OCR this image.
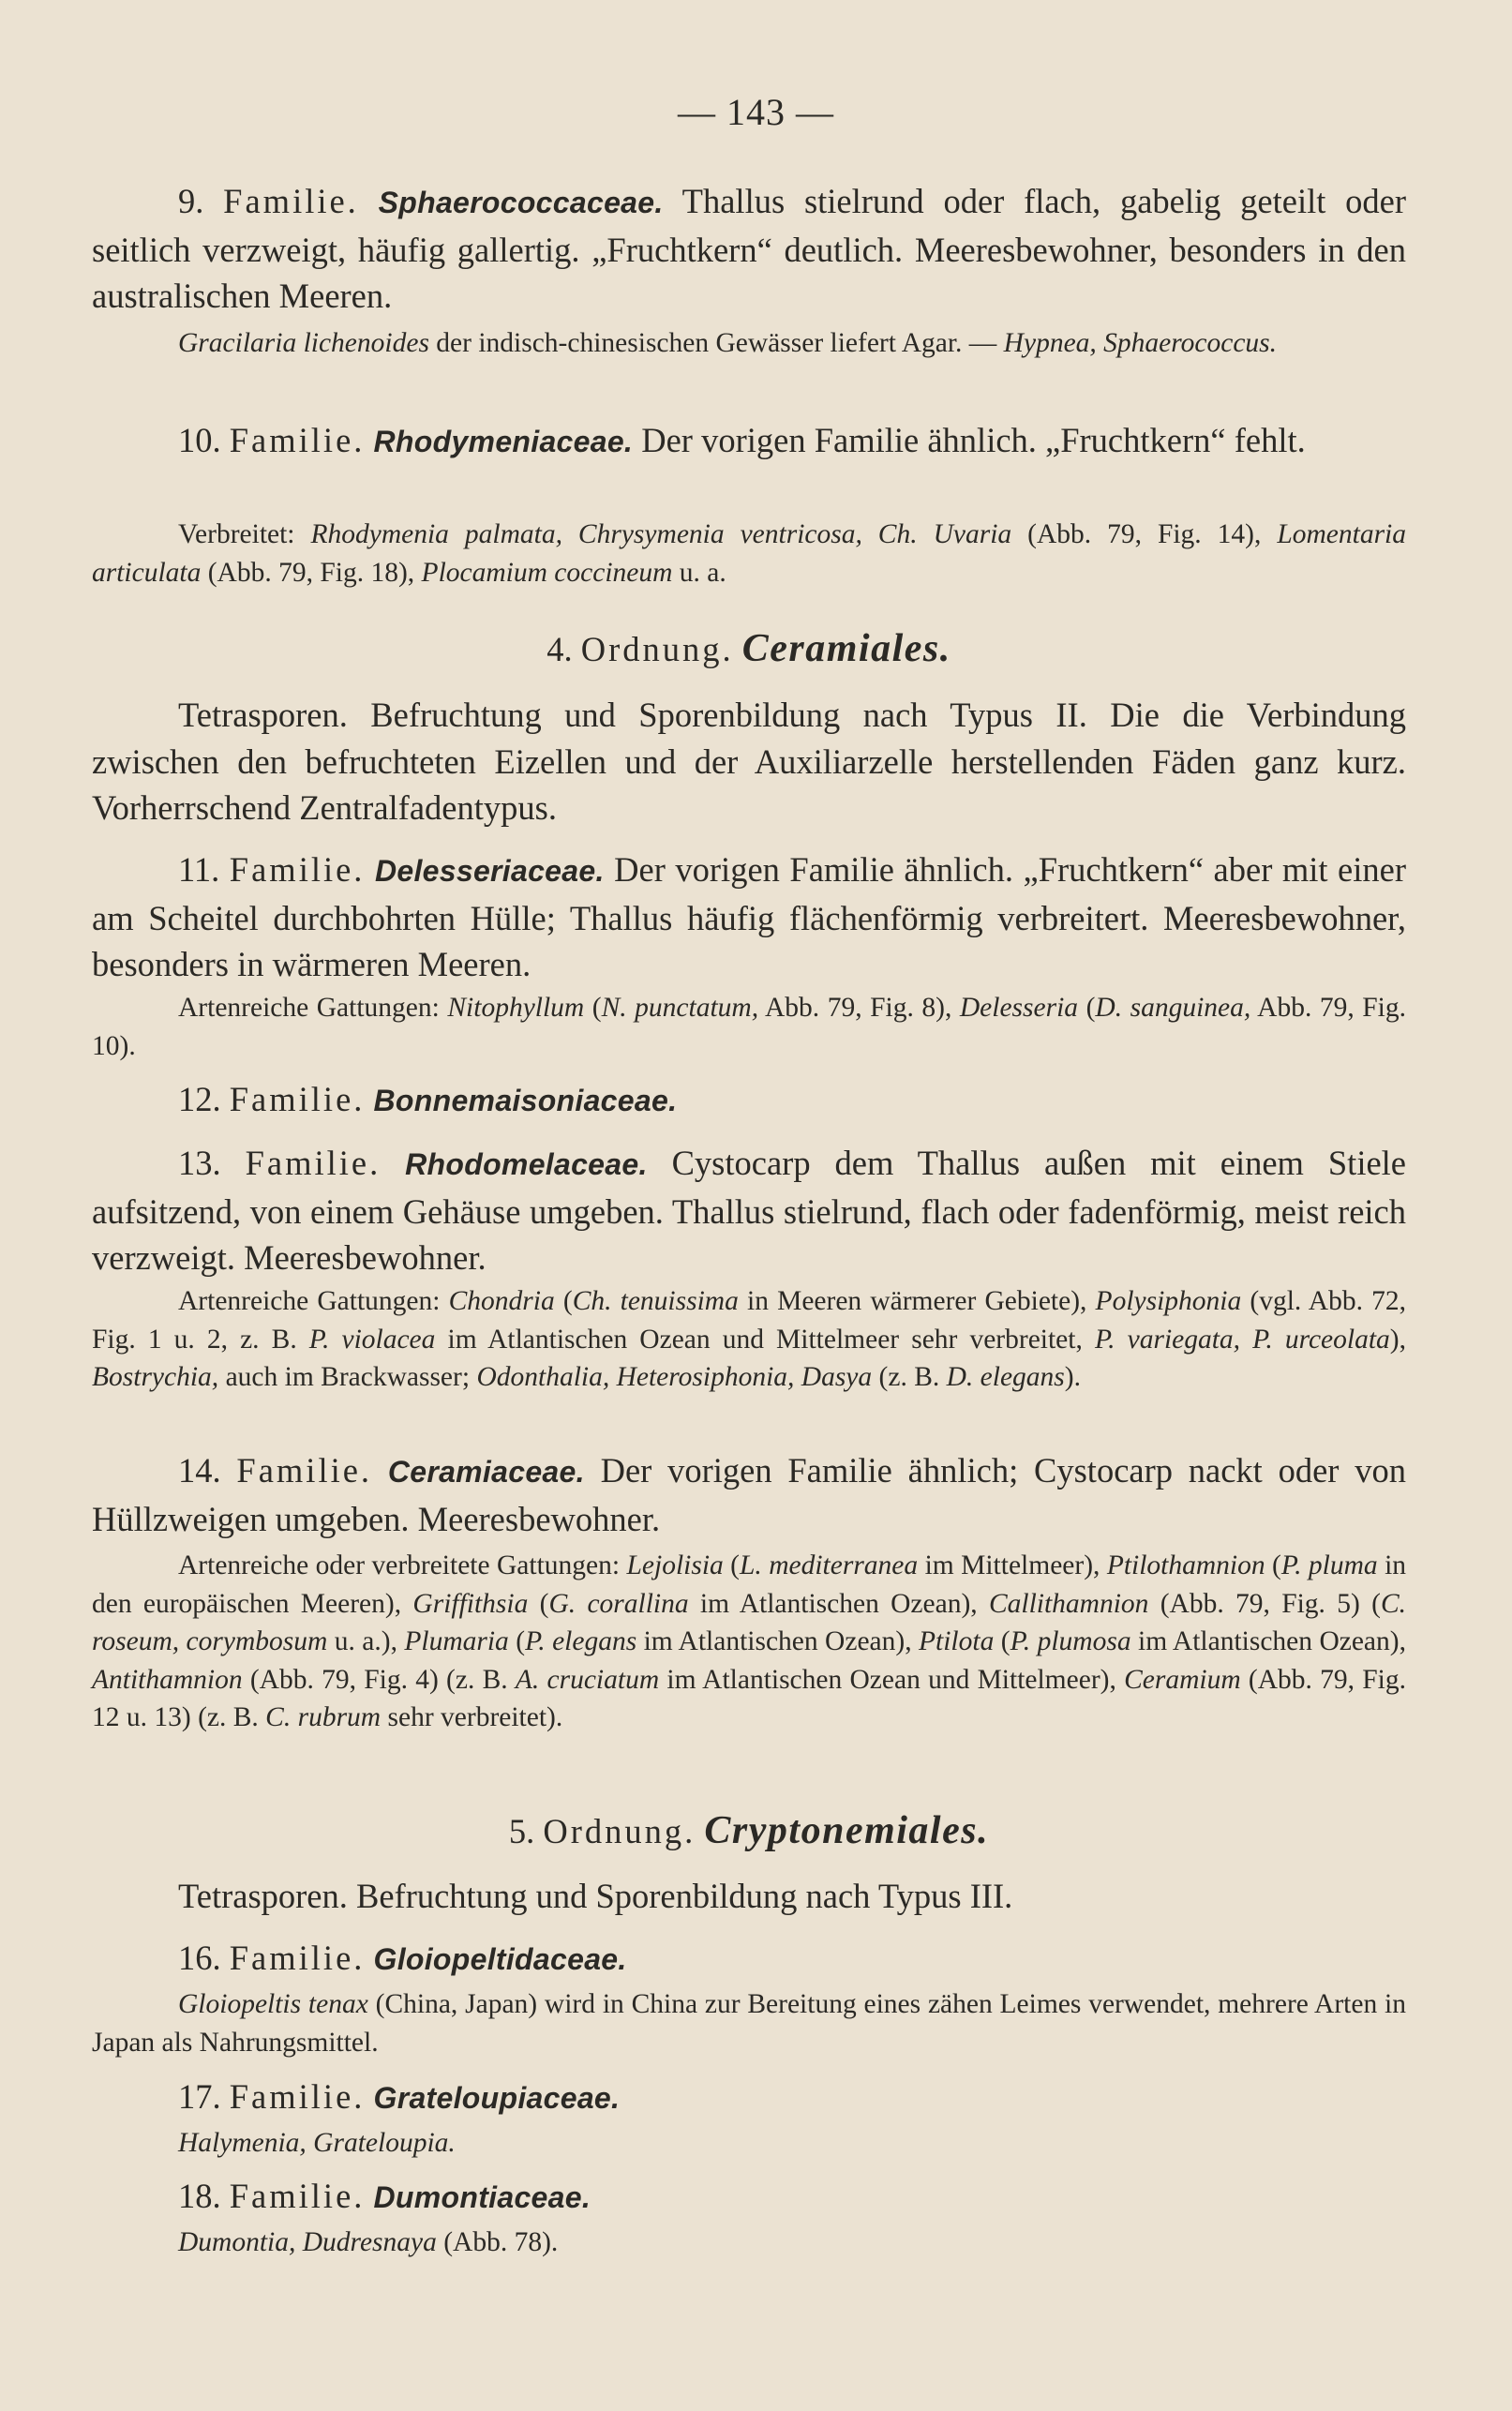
— 143 —

9. Familie. Sphaerococcaceae. Thallus stielrund oder flach, gabelig geteilt oder seitlich verzweigt, häufig gallertig. „Fruchtkern“ deutlich. Meeresbewohner, besonders in den australischen Meeren.

Gracilaria lichenoides der indisch-chinesischen Gewässer liefert Agar. — Hypnea, Sphaerococcus.

10. Familie. Rhodymeniaceae. Der vorigen Familie ähnlich. „Fruchtkern“ fehlt.

Verbreitet: Rhodymenia palmata, Chrysymenia ventricosa, Ch. Uvaria (Abb. 79, Fig. 14), Lomentaria articulata (Abb. 79, Fig. 18), Plocamium coccineum u. a.

4. Ordnung. Ceramiales.

Tetrasporen. Befruchtung und Sporenbildung nach Typus II. Die die Verbindung zwischen den befruchteten Eizellen und der Auxiliarzelle herstellenden Fäden ganz kurz. Vorherrschend Zentralfadentypus.

11. Familie. Delesseriaceae. Der vorigen Familie ähnlich. „Fruchtkern“ aber mit einer am Scheitel durchbohrten Hülle; Thallus häufig flächenförmig verbreitert. Meeresbewohner, besonders in wärmeren Meeren.

Artenreiche Gattungen: Nitophyllum (N. punctatum, Abb. 79, Fig. 8), Delesseria (D. sanguinea, Abb. 79, Fig. 10).

12. Familie. Bonnemaisoniaceae.

13. Familie. Rhodomelaceae. Cystocarp dem Thallus außen mit einem Stiele aufsitzend, von einem Gehäuse umgeben. Thallus stielrund, flach oder fadenförmig, meist reich verzweigt. Meeresbewohner.

Artenreiche Gattungen: Chondria (Ch. tenuissima in Meeren wärmerer Gebiete), Polysiphonia (vgl. Abb. 72, Fig. 1 u. 2, z. B. P. violacea im Atlantischen Ozean und Mittelmeer sehr verbreitet, P. variegata, P. urceolata), Bostrychia, auch im Brackwasser; Odonthalia, Heterosiphonia, Dasya (z. B. D. elegans).

14. Familie. Ceramiaceae. Der vorigen Familie ähnlich; Cystocarp nackt oder von Hüllzweigen umgeben. Meeresbewohner.

Artenreiche oder verbreitete Gattungen: Lejolisia (L. mediterranea im Mittelmeer), Ptilothamnion (P. pluma in den europäischen Meeren), Griffithsia (G. corallina im Atlantischen Ozean), Callithamnion (Abb. 79, Fig. 5) (C. roseum, corymbosum u. a.), Plumaria (P. elegans im Atlantischen Ozean), Ptilota (P. plumosa im Atlantischen Ozean), Antithamnion (Abb. 79, Fig. 4) (z. B. A. cruciatum im Atlantischen Ozean und Mittelmeer), Ceramium (Abb. 79, Fig. 12 u. 13) (z. B. C. rubrum sehr verbreitet).

5. Ordnung. Cryptonemiales.

Tetrasporen. Befruchtung und Sporenbildung nach Typus III.

16. Familie. Gloiopeltidaceae.

Gloiopeltis tenax (China, Japan) wird in China zur Bereitung eines zähen Leimes verwendet, mehrere Arten in Japan als Nahrungsmittel.

17. Familie. Grateloupiaceae.

Halymenia, Grateloupia.

18. Familie. Dumontiaceae.

Dumontia, Dudresnaya (Abb. 78).
